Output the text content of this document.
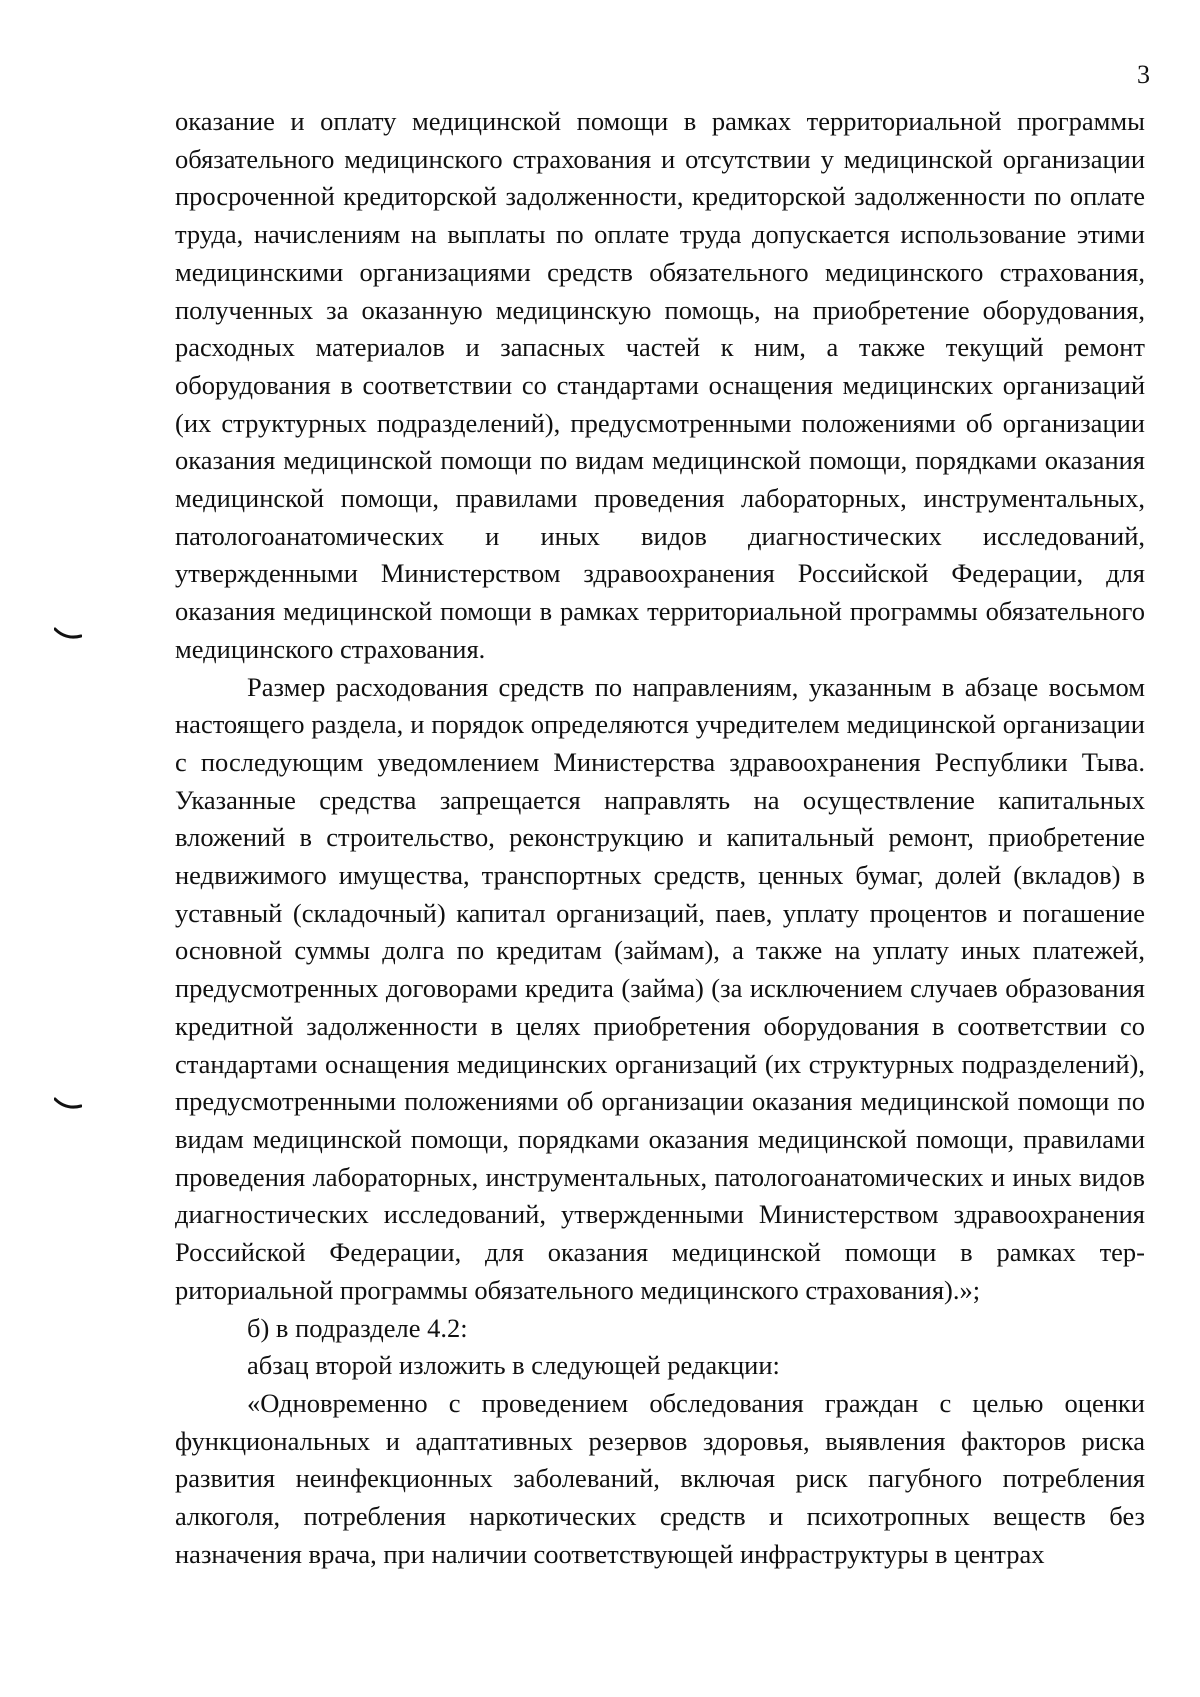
3

оказание и оплату медицинской помощи в рамках территориальной программы обязательного медицинского страхования и отсутствии у медицинской организации просроченной кредиторской задолженности, кредиторской задолженности по оплате труда, начислениям на выплаты по оплате труда допускается использование этими медицинскими организациями средств обязательного медицинского страхования, полученных за оказанную медицинскую помощь, на приобретение оборудования, расходных материалов и запасных частей к ним, а также текущий ремонт оборудования в соответствии со стандартами оснащения медицинских организаций (их структурных подразделений), предусмотренными положениями об организации оказания медицинской помощи по видам медицинской помощи, порядками оказания медицинской помощи, правилами проведения лабораторных, инструментальных, патологоанатомических и иных видов диагностических исследований, утвержденными Министерством здравоохранения Российской Федерации, для оказания медицинской помощи в рамках территориальной программы обязательного медицинского страхования.

Размер расходования средств по направлениям, указанным в абзаце восьмом настоящего раздела, и порядок определяются учредителем медицинской организации с последующим уведомлением Министерства здравоохранения Республики Тыва. Указанные средства запрещается направлять на осуществление капитальных вложений в строительство, реконструкцию и капитальный ремонт, приобретение недвижимого имущества, транспортных средств, ценных бумаг, долей (вкладов) в уставный (складочный) капитал организаций, паев, уплату процентов и погашение основной суммы долга по кредитам (займам), а также на уплату иных платежей, предусмотренных договорами кредита (займа) (за исключением случаев образования кредитной задолженности в целях приобретения оборудования в соответствии со стандартами оснащения медицинских организаций (их структурных подразделений), предусмотренными положениями об организации оказания медицинской помощи по видам медицинской помощи, порядками оказания медицинской помощи, правилами проведения лабораторных, инструментальных, патологоанатомических и иных видов диагностических исследований, утвержденными Министерством здравоохранения Российской Федерации, для оказания медицинской помощи в рамках территориальной программы обязательного медицинского страхования).»;

б) в подразделе 4.2:

абзац второй изложить в следующей редакции:

«Одновременно с проведением обследования граждан с целью оценки функциональных и адаптативных резервов здоровья, выявления факторов риска развития неинфекционных заболеваний, включая риск пагубного потребления алкоголя, потребления наркотических средств и психотропных веществ без назначения врача, при наличии соответствующей инфраструктуры в центрах
